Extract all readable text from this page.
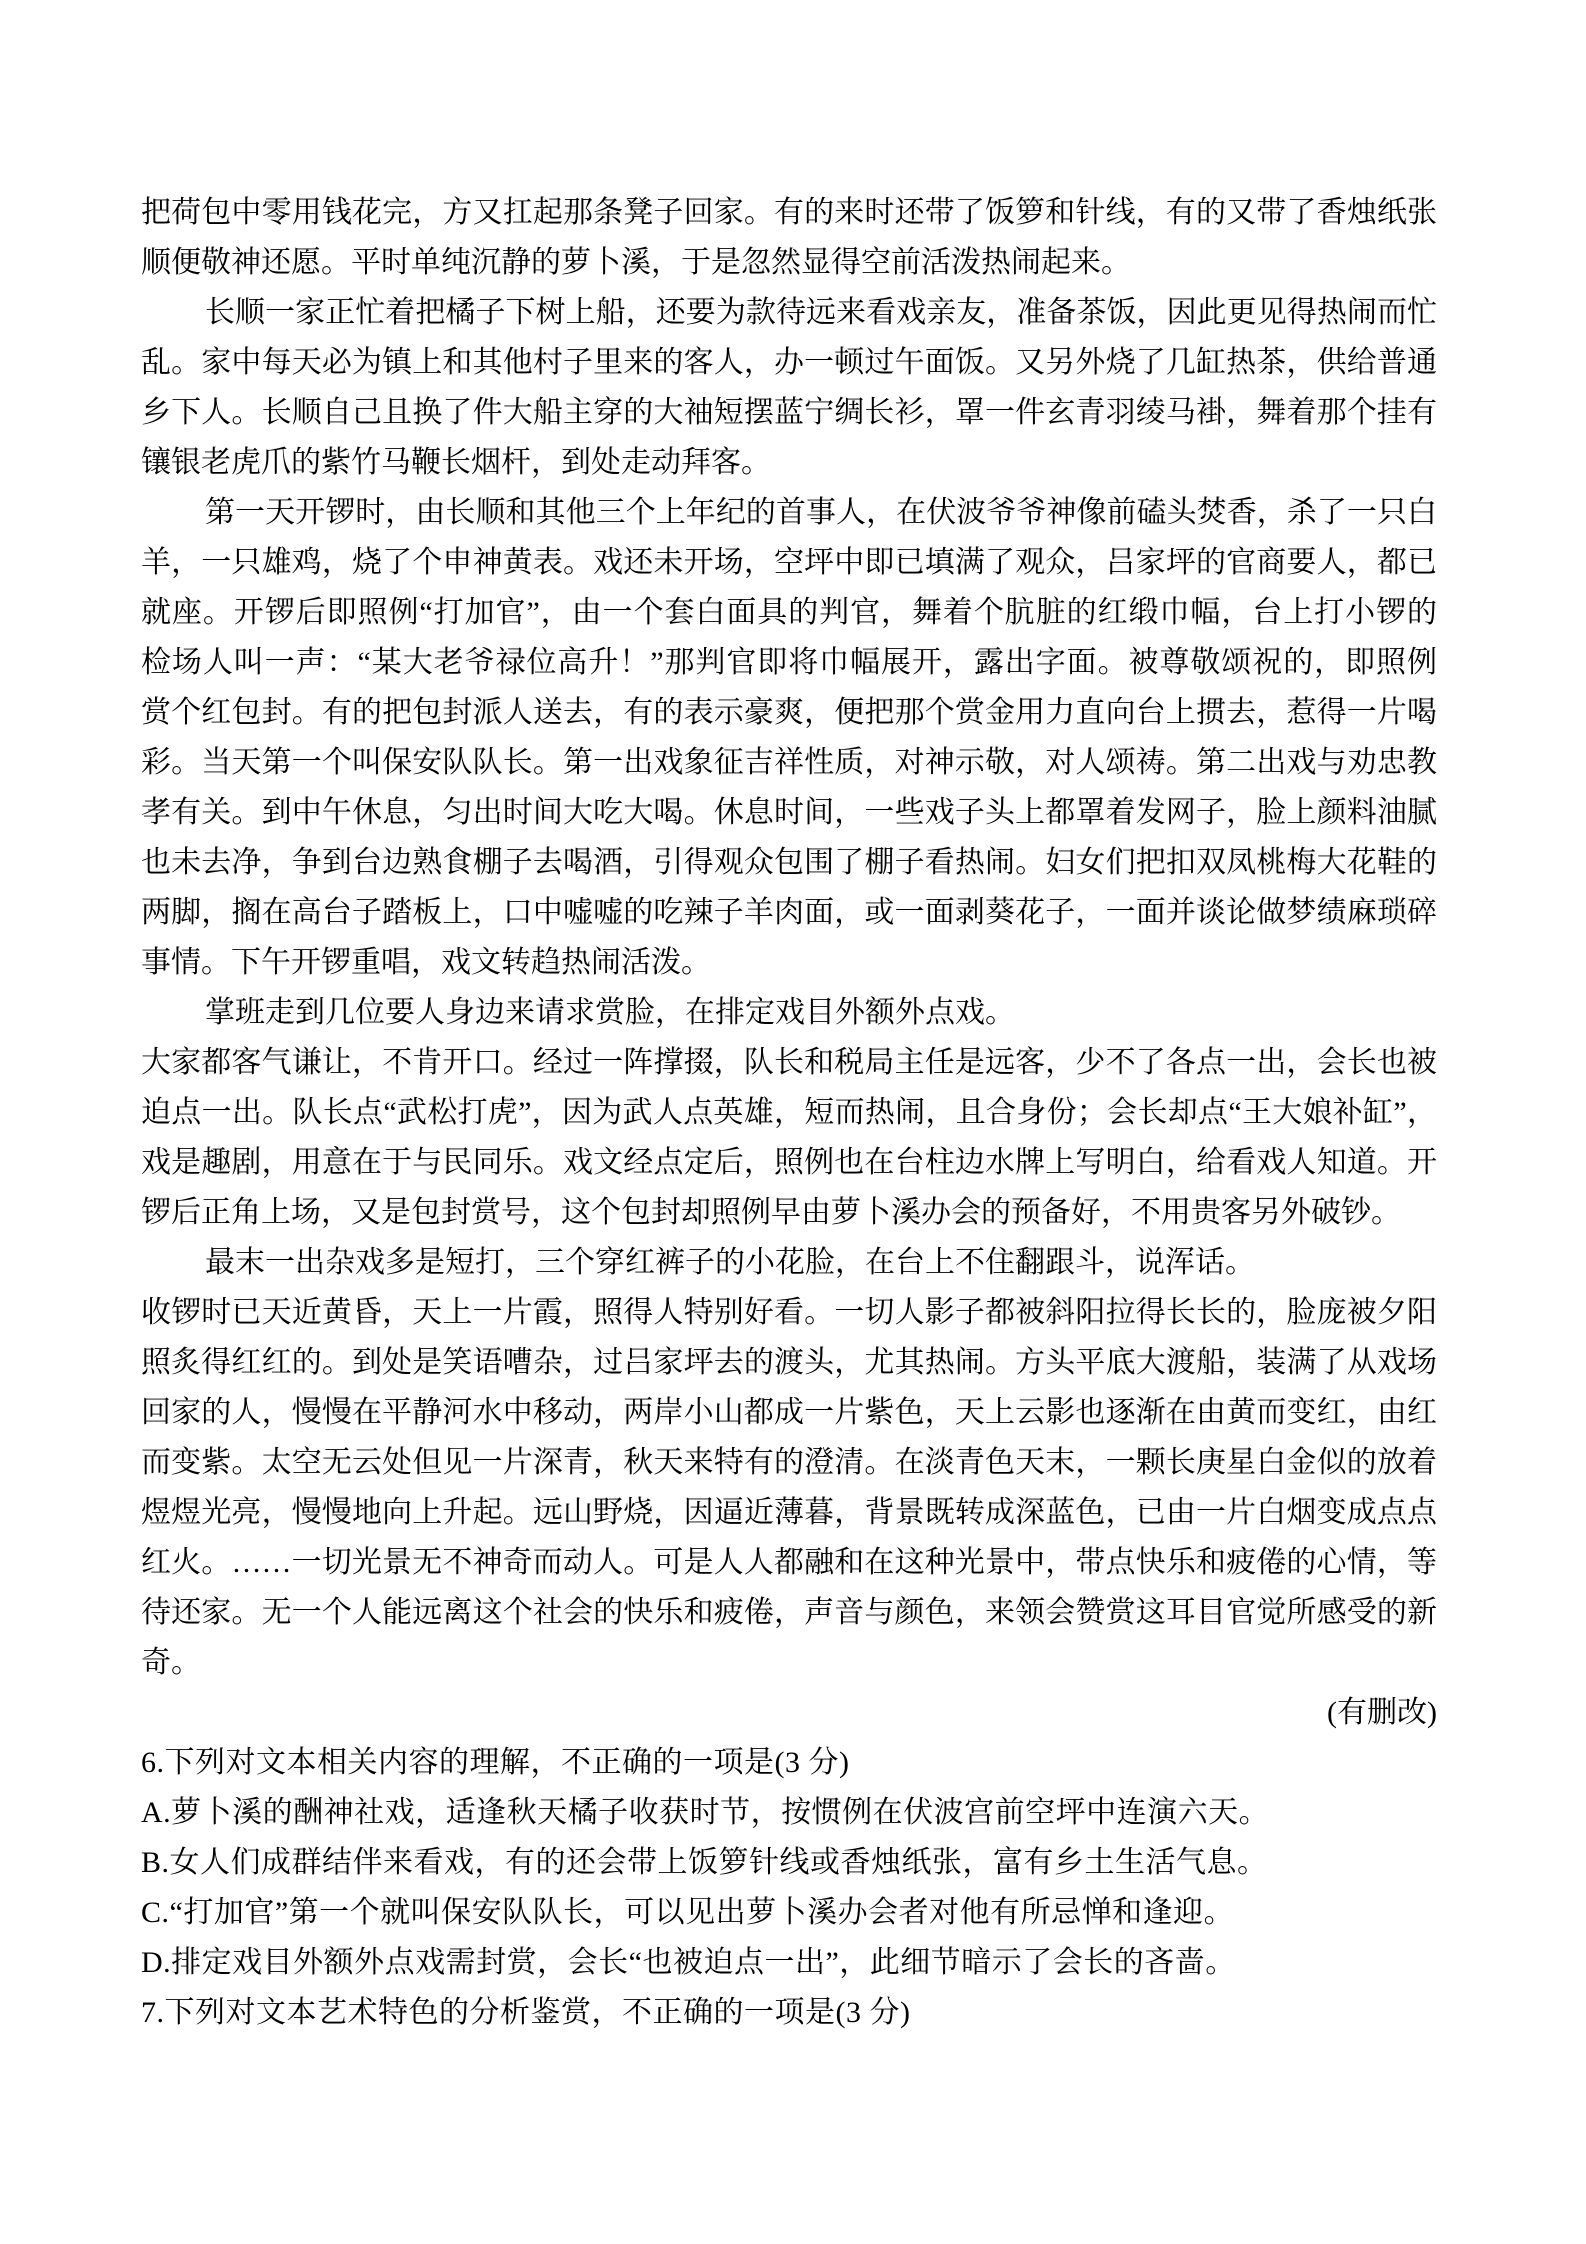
把荷包中零用钱花完，方又扛起那条凳子回家。有的来时还带了饭箩和针线，有的又带了香烛纸张
顺便敬神还愿。平时单纯沉静的萝卜溪，于是忽然显得空前活泼热闹起来。
长顺一家正忙着把橘子下树上船，还要为款待远来看戏亲友，准备茶饭，因此更见得热闹而忙
乱。家中每天必为镇上和其他村子里来的客人，办一顿过午面饭。又另外烧了几缸热茶，供给普通
乡下人。长顺自己且换了件大船主穿的大袖短摆蓝宁绸长衫，罩一件玄青羽绫马褂，舞着那个挂有
镶银老虎爪的紫竹马鞭长烟杆，到处走动拜客。
第一天开锣时，由长顺和其他三个上年纪的首事人，在伏波爷爷神像前磕头焚香，杀了一只白
羊，一只雄鸡，烧了个申神黄表。戏还未开场，空坪中即已填满了观众，吕家坪的官商要人，都已
就座。开锣后即照例“打加官”，由一个套白面具的判官，舞着个肮脏的红缎巾幅，台上打小锣的
检场人叫一声：“某大老爷禄位高升！”那判官即将巾幅展开，露出字面。被尊敬颂祝的，即照例
赏个红包封。有的把包封派人送去，有的表示豪爽，便把那个赏金用力直向台上掼去，惹得一片喝
彩。当天第一个叫保安队队长。第一出戏象征吉祥性质，对神示敬，对人颂祷。第二出戏与劝忠教
孝有关。到中午休息，匀出时间大吃大喝。休息时间，一些戏子头上都罩着发网子，脸上颜料油腻
也未去净，争到台边熟食棚子去喝酒，引得观众包围了棚子看热闹。妇女们把扣双凤桃梅大花鞋的
两脚，搁在高台子踏板上，口中嘘嘘的吃辣子羊肉面，或一面剥葵花子，一面并谈论做梦绩麻琐碎
事情。下午开锣重唱，戏文转趋热闹活泼。
掌班走到几位要人身边来请求赏脸，在排定戏目外额外点戏。
大家都客气谦让，不肯开口。经过一阵撑掇，队长和税局主任是远客，少不了各点一出，会长也被
迫点一出。队长点“武松打虎”，因为武人点英雄，短而热闹，且合身份；会长却点“王大娘补缸”，
戏是趣剧，用意在于与民同乐。戏文经点定后，照例也在台柱边水牌上写明白，给看戏人知道。开
锣后正角上场，又是包封赏号，这个包封却照例早由萝卜溪办会的预备好，不用贵客另外破钞。
最末一出杂戏多是短打，三个穿红裤子的小花脸，在台上不住翻跟斗，说浑话。
收锣时已天近黄昏，天上一片霞，照得人特别好看。一切人影子都被斜阳拉得长长的，脸庞被夕阳
照炙得红红的。到处是笑语嘈杂，过吕家坪去的渡头，尤其热闹。方头平底大渡船，装满了从戏场
回家的人，慢慢在平静河水中移动，两岸小山都成一片紫色，天上云影也逐渐在由黄而变红，由红
而变紫。太空无云处但见一片深青，秋天来特有的澄清。在淡青色天末，一颗长庚星白金似的放着
煜煜光亮，慢慢地向上升起。远山野烧，因逼近薄暮，背景既转成深蓝色，已由一片白烟变成点点
红火。……一切光景无不神奇而动人。可是人人都融和在这种光景中，带点快乐和疲倦的心情，等
待还家。无一个人能远离这个社会的快乐和疲倦，声音与颜色，来领会赞赏这耳目官觉所感受的新
奇。
(有删改)
6.下列对文本相关内容的理解，不正确的一项是(3 分)
A.萝卜溪的酬神社戏，适逢秋天橘子收获时节，按惯例在伏波宫前空坪中连演六天。
B.女人们成群结伴来看戏，有的还会带上饭箩针线或香烛纸张，富有乡土生活气息。
C.“打加官”第一个就叫保安队队长，可以见出萝卜溪办会者对他有所忌惮和逢迎。
D.排定戏目外额外点戏需封赏，会长“也被迫点一出”，此细节暗示了会长的吝啬。
7.下列对文本艺术特色的分析鉴赏，不正确的一项是(3 分)
